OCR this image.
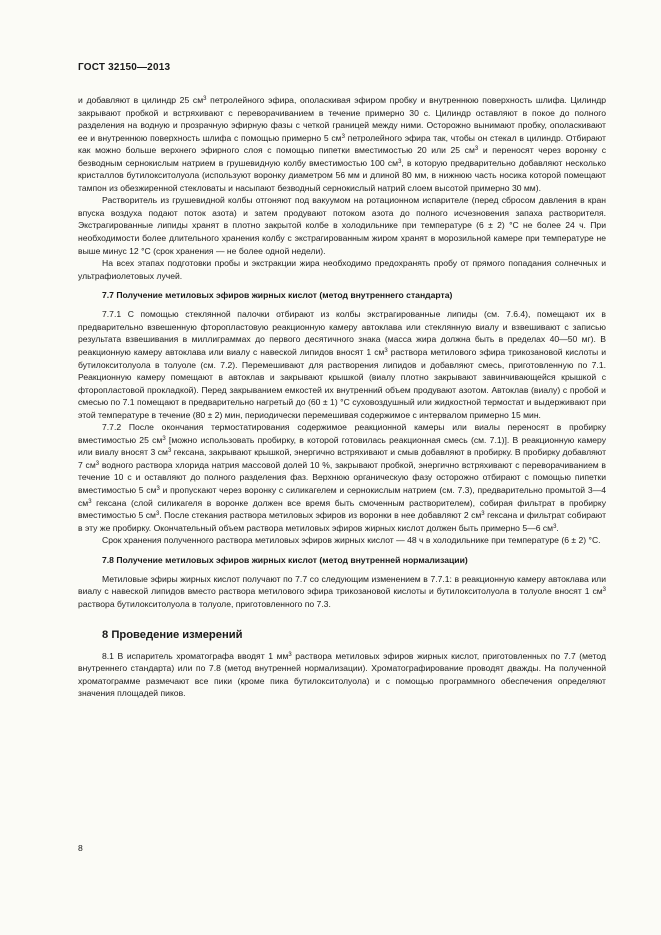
ГОСТ 32150—2013

и добавляют в цилиндр 25 $см^3$ петролейного эфира, ополаскивая эфиром пробку и внутреннюю поверхность шлифа. Цилиндр закрывают пробкой и встряхивают с переворачиванием в течение примерно 30 с. Цилиндр оставляют в покое до полного разделения на водную и прозрачную эфирную фазы с четкой границей между ними. Осторожно вынимают пробку, ополаскивают ее и внутреннюю поверхность шлифа с помощью примерно 5 $см^3$ петролейного эфира так, чтобы он стекал в цилиндр. Отбирают как можно больше верхнего эфирного слоя с помощью пипетки вместимостью 20 или 25 $см^3$ и переносят через воронку с безводным сернокислым натрием в грушевидную колбу вместимостью 100 $см^3$, в которую предварительно добавляют несколько кристаллов бутилокситолуола (используют воронку диаметром 56 мм и длиной 80 мм, в нижнюю часть носика которой помещают тампон из обезжиренной стекловаты и насыпают безводный сернокислый натрий слоем высотой примерно 30 мм).

Растворитель из грушевидной колбы отгоняют под вакуумом на ротационном испарителе (перед сбросом давления в кран впуска воздуха подают поток азота) и затем продувают потоком азота до полного исчезновения запаха растворителя. Экстрагированные липиды хранят в плотно закрытой колбе в холодильнике при температуре (6 ± 2) °С не более 24 ч. При необходимости более длительного хранения колбу с экстрагированным жиром хранят в морозильной камере при температуре не выше минус 12 °С (срок хранения — не более одной недели).

На всех этапах подготовки пробы и экстракции жира необходимо предохранять пробу от прямого попадания солнечных и ультрафиолетовых лучей.

7.7 Получение метиловых эфиров жирных кислот (метод внутреннего стандарта)

7.7.1 С помощью стеклянной палочки отбирают из колбы экстрагированные липиды (см. 7.6.4), помещают их в предварительно взвешенную фторопластовую реакционную камеру автоклава или стеклянную виалу и взвешивают с записью результата взвешивания в миллиграммах до первого десятичного знака (масса жира должна быть в пределах 40—50 мг). В реакционную камеру автоклава или виалу с навеской липидов вносят 1 $см^3$ раствора метилового эфира трикозановой кислоты и бутилокситолуола в толуоле (см. 7.2). Перемешивают для растворения липидов и добавляют смесь, приготовленную по 7.1. Реакционную камеру помещают в автоклав и закрывают крышкой (виалу плотно закрывают завинчивающейся крышкой с фторопластовой прокладкой). Перед закрыванием емкостей их внутренний объем продувают азотом. Автоклав (виалу) с пробой и смесью по 7.1 помещают в предварительно нагретый до (60 ± 1) °С суховоздушный или жидкостной термостат и выдерживают при этой температуре в течение (80 ± 2) мин, периодически перемешивая содержимое с интервалом примерно 15 мин.

7.7.2 После окончания термостатирования содержимое реакционной камеры или виалы переносят в пробирку вместимостью 25 $см^3$ [можно использовать пробирку, в которой готовилась реакционная смесь (см. 7.1)]. В реакционную камеру или виалу вносят 3 $см^3$ гексана, закрывают крышкой, энергично встряхивают и смыв добавляют в пробирку. В пробирку добавляют 7 $см^3$ водного раствора хлорида натрия массовой долей 10 %, закрывают пробкой, энергично встряхивают с переворачиванием в течение 10 с и оставляют до полного разделения фаз. Верхнюю органическую фазу осторожно отбирают с помощью пипетки вместимостью 5 $см^3$ и пропускают через воронку с силикагелем и сернокислым натрием (см. 7.3), предварительно промытой 3—4 $см^3$ гексана (слой силикагеля в воронке должен все время быть смоченным растворителем), собирая фильтрат в пробирку вместимостью 5 $см^3$. После стекания раствора метиловых эфиров из воронки в нее добавляют 2 $см^3$ гексана и фильтрат собирают в эту же пробирку. Окончательный объем раствора метиловых эфиров жирных кислот должен быть примерно 5—6 $см^3$.

Срок хранения полученного раствора метиловых эфиров жирных кислот — 48 ч в холодильнике при температуре (6 ± 2) °С.

7.8 Получение метиловых эфиров жирных кислот (метод внутренней нормализации)

Метиловые эфиры жирных кислот получают по 7.7 со следующим изменением в 7.7.1: в реакционную камеру автоклава или виалу с навеской липидов вместо раствора метилового эфира трикозановой кислоты и бутилокситолуола в толуоле вносят 1 $см^3$ раствора бутилокситолуола в толуоле, приготовленного по 7.3.

8 Проведение измерений

8.1 В испаритель хроматографа вводят 1 $мм^3$ раствора метиловых эфиров жирных кислот, приготовленных по 7.7 (метод внутреннего стандарта) или по 7.8 (метод внутренней нормализации). Хроматографирование проводят дважды. На полученной хроматограмме размечают все пики (кроме пика бутилокситолуола) и с помощью программного обеспечения определяют значения площадей пиков.

8
